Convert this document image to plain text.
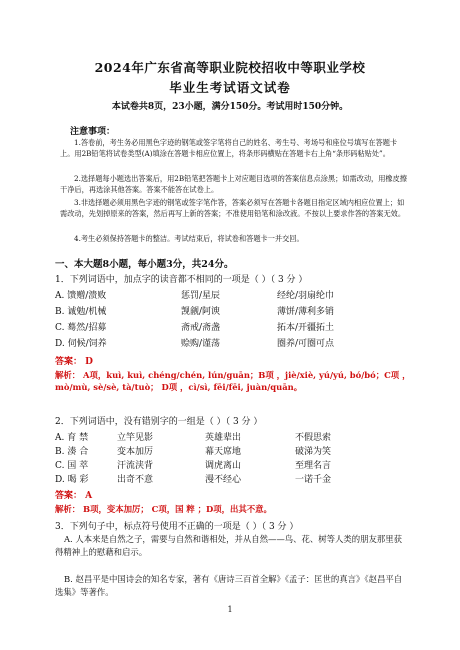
2024年广东省高等职业院校招收中等职业学校
毕业生考试语文试卷
本试卷共8页，23小题，满分150分。考试用时150分钟。
注意事项：
1.答卷前，考生务必用黑色字迹的钢笔或签字笔将自己的姓名、考生号、考场号和座位号填写在答题卡上。用2B铅笔将试卷类型(A)填涂在答题卡相应位置上，将条形码横贴在答题卡右上角“条形码粘贴处”。
2.选择题每小题选出答案后，用2B铅笔把答题卡上对应题目选项的答案信息点涂黑；如需改动，用橡皮擦干净后，再选涂其他答案。答案不能答在试卷上。
3.非选择题必须用黑色字迹的钢笔或签字笔作答，答案必须写在答题卡各题目指定区域内相应位置上；如需改动，先划掉原来的答案，然后再写上新的答案；不准使用铅笔和涂改液。不按以上要求作答的答案无效。
4.考生必须保持答题卡的整洁。考试结束后，将试卷和答题卡一并交回。
一、本大题8小题，每小题3分，共24分。
1．下列词语中，加点字的读音都不相同的一项是（ ）（ 3 分 ）
A. 馈赠/溃败	惩罚/星辰	经纶/羽扇纶巾
B. 诚勉/机械	觊觎/阿谀	薄饼/薄利多销
C. 蓦然/招募	斋戒/斋盏	拓本/开疆拓土
D. 伺候/饲养	赊购/谨荡	圈养/可圈可点
答案： D
解析： A项，kuì, kuì, chéng/chén, lún/guān；B项 ，jiè/xiè, yú/yú, bó/bó；C项 ，mò/mù, sè/sè, tà/tuò； D项 ，cì/sì, fēi/fēi, juàn/quān。
2．下列词语中，没有错别字的一组是（ ）（ 3 分 ）
A. 育 禁	立竿见影	英雄辈出	不假思索
B. 湊 合	变本加厉	幕天席地	破涕为笑
C. 国 萃	汗流浃背	调虎离山	至理名言
D. 喝 彩	出奇不意	漫不经心	一诺千金
答案： A
解析： B项，变本加厉； C项，国 粹 ；D项，出其不意。
3．下列句子中，标点符号使用不正确的一项是（ ）（ 3 分 ）
A. 人本来是自然之子，需要与自然和谐相处，并从自然——鸟、花、树等人类的朋友那里获得精神上的慰藉和启示。
B. 赵昌平是中国诗会的知名专家，著有《唐诗三百首全解》《孟子：匡世的真言》《赵昌平自选集》等著作。
1
